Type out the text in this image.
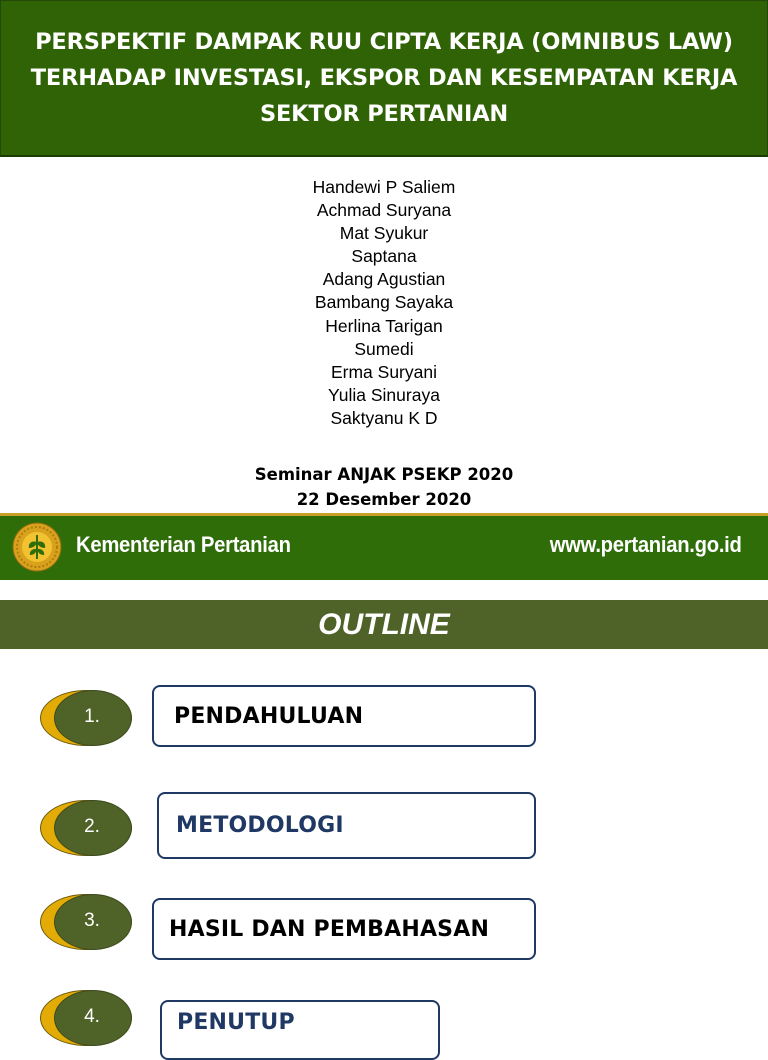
PERSPEKTIF DAMPAK RUU CIPTA KERJA (OMNIBUS LAW) TERHADAP INVESTASI, EKSPOR DAN KESEMPATAN KERJA SEKTOR PERTANIAN
Handewi P Saliem
Achmad Suryana
Mat Syukur
Saptana
Adang Agustian
Bambang Sayaka
Herlina Tarigan
Sumedi
Erma Suryani
Yulia Sinuraya
Saktyanu K D
Seminar ANJAK PSEKP 2020
22 Desember 2020
Kementerian Pertanian	www.pertanian.go.id
OUTLINE
1.	PENDAHULUAN
2.	METODOLOGI
3.	HASIL DAN PEMBAHASAN
4.	PENUTUP
